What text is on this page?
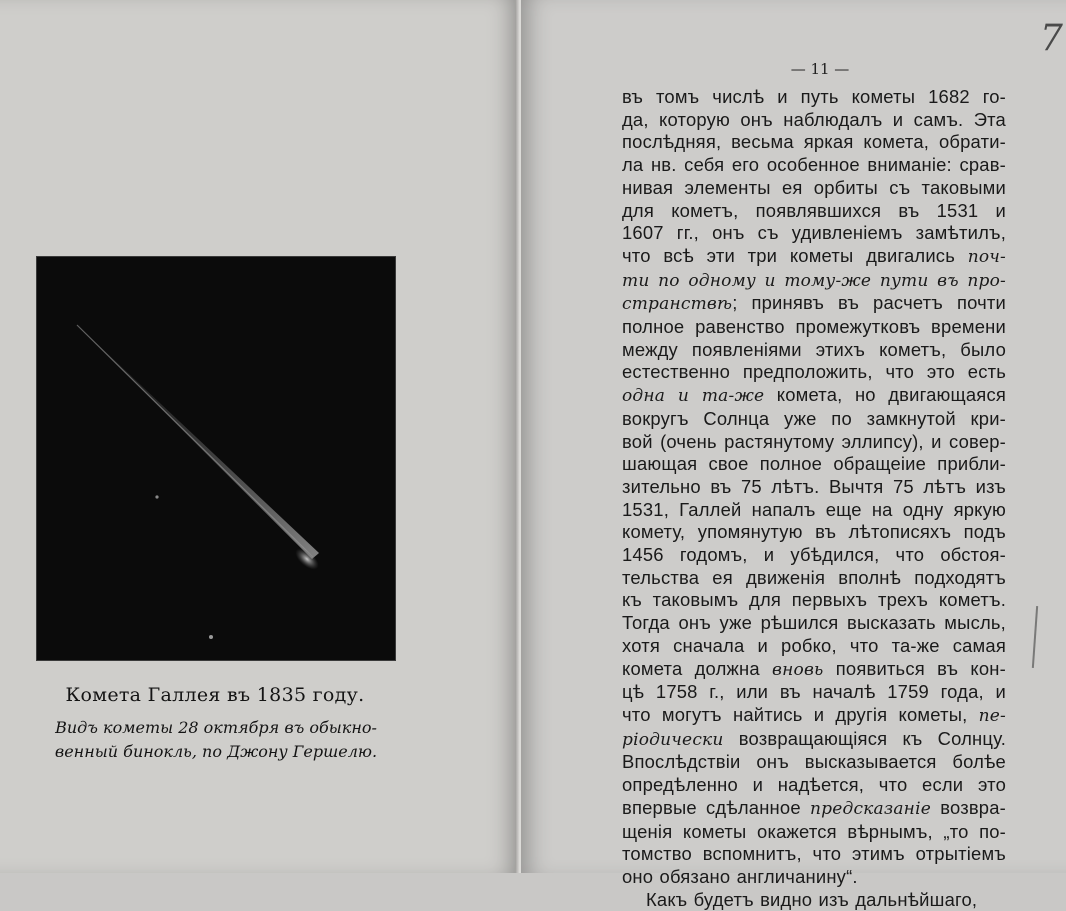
Комета Галлея въ 1835 году.
Видъ кометы 28 октября въ обыкно-
венный бинокль, по Джону Гершелю.
— 11 —
7
въ томъ числѣ и путь кометы 1682 го-
да, которую онъ наблюдалъ и самъ. Эта
послѣдняя, весьма яркая комета, обрати-
ла нв. себя его особенное вниманіе: срав-
нивая элементы ея орбиты съ таковыми
для кометъ, появлявшихся въ 1531 и
1607 гг., онъ съ удивленіемъ замѣтилъ,
что всѣ эти три кометы двигались поч-
ти по одному и тому-же пути въ про-
странствѣ; принявъ въ расчетъ почти
полное равенство промежутковъ времени
между появленіями этихъ кометъ, было
естественно предположить, что это есть
одна и та-же комета, но двигающаяся
вокругъ Солнца уже по замкнутой кри-
вой (очень растянутому эллипсу), и совер-
шающая свое полное обращеіие прибли-
зительно въ 75 лѣтъ. Вычтя 75 лѣтъ изъ
1531, Галлей напалъ еще на одну яркую
комету, упомянутую въ лѣтописяхъ подъ
1456 годомъ, и убѣдился, что обстоя-
тельства ея движенія вполнѣ подходятъ
къ таковымъ для первыхъ трехъ кометъ.
Тогда онъ уже рѣшился высказать мысль,
хотя сначала и робко, что та-же самая
комета должна вновь появиться въ кон-
цѣ 1758 г., или въ началѣ 1759 года, и
что могутъ найтись и другія кометы, пе-
ріодически возвращающіяся къ Солнцу.
Впослѣдствіи онъ высказывается болѣе
опредѣленно и надѣется, что если это
впервые сдѣланное предсказаніе возвра-
щенія кометы окажется вѣрнымъ, „то по-
томство вспомнитъ, что этимъ отрытіемъ
оно обязано англичанину“.
Какъ будетъ видно изъ дальнѣйшаго,
